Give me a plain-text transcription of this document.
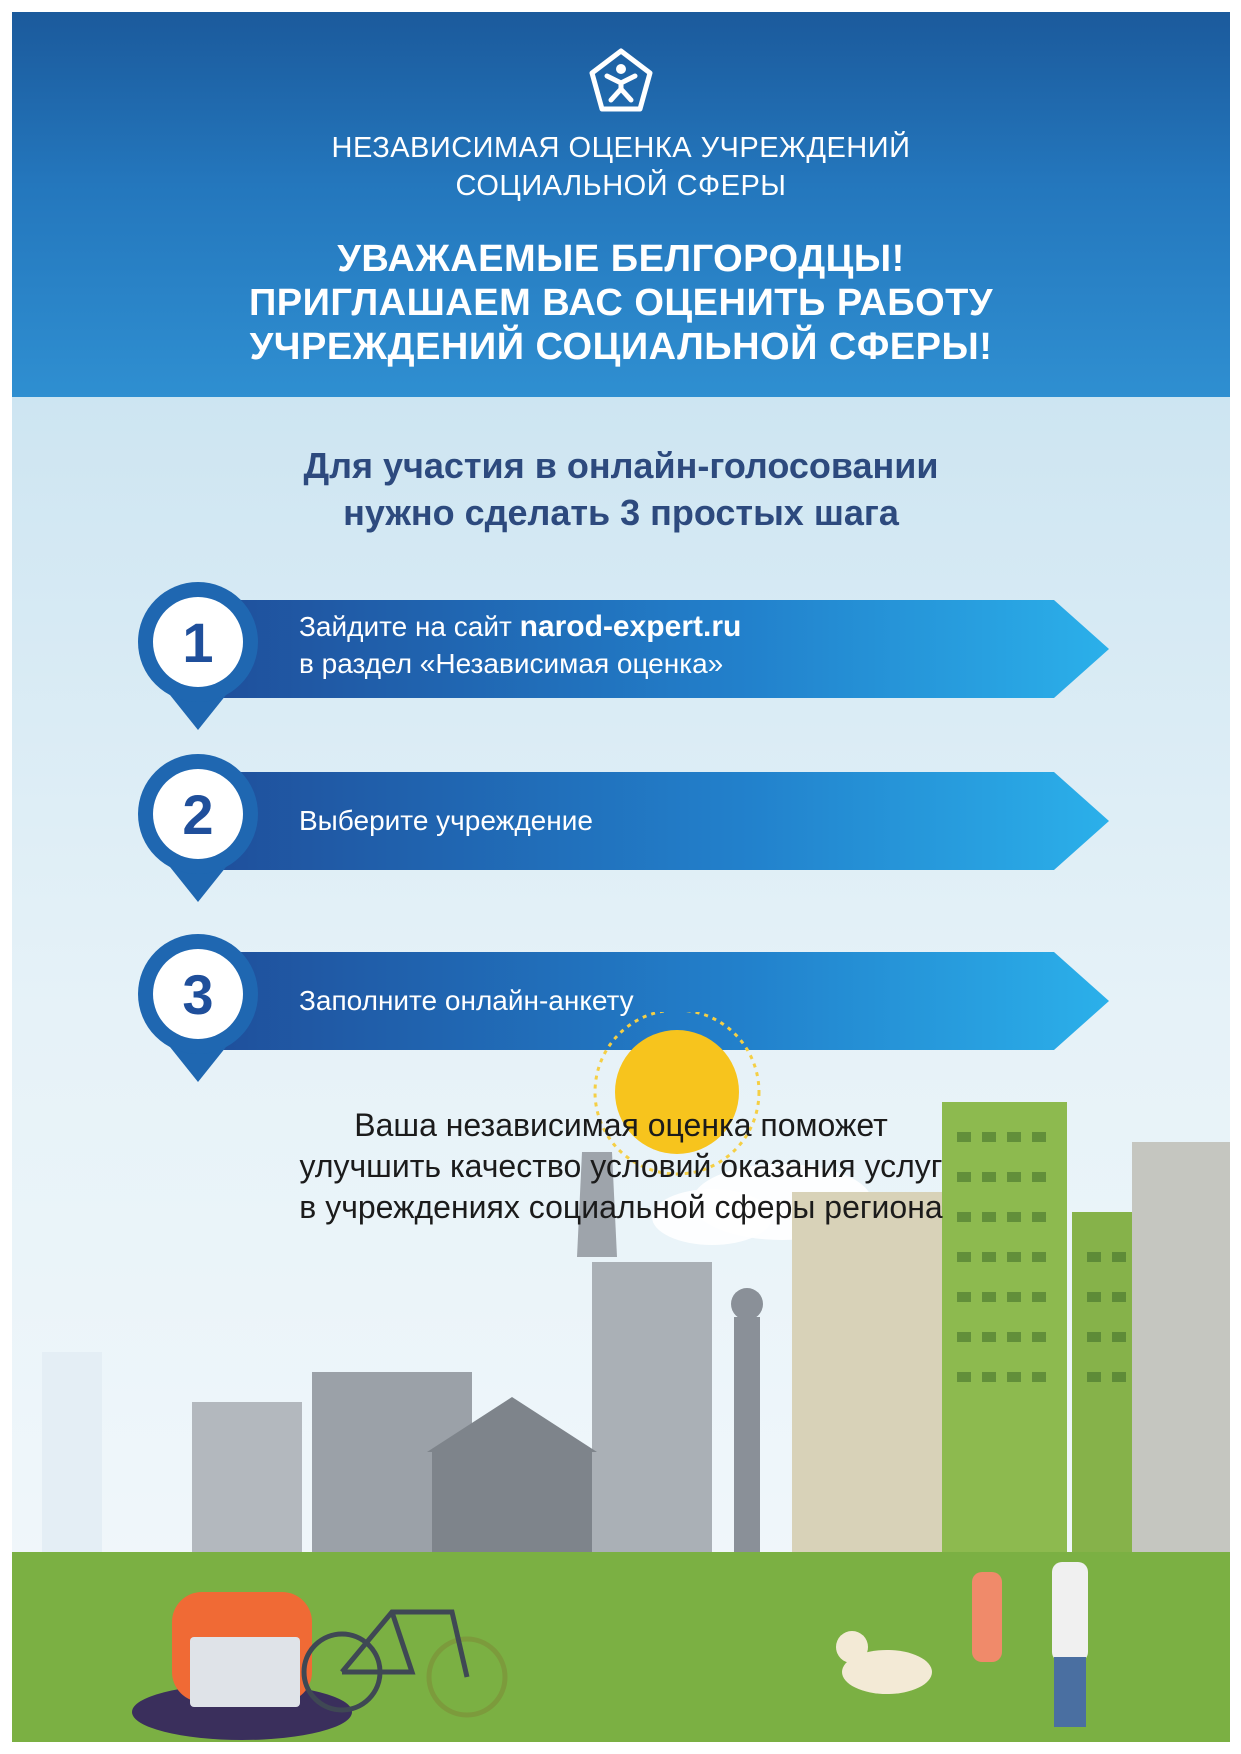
НЕЗАВИСИМАЯ ОЦЕНКА УЧРЕЖДЕНИЙ
СОЦИАЛЬНОЙ СФЕРЫ
УВАЖАЕМЫЕ БЕЛГОРОДЦЫ!
ПРИГЛАШАЕМ ВАС ОЦЕНИТЬ РАБОТУ
УЧРЕЖДЕНИЙ СОЦИАЛЬНОЙ СФЕРЫ!
Для участия в онлайн-голосовании
нужно сделать 3 простых шага
1	Зайдите на сайт narod-expert.ru
в раздел «Независимая оценка»
2	Выберите учреждение
3	Заполните онлайн-анкету
Ваша независимая оценка поможет
улучшить качество условий оказания услуг
в учреждениях социальной сферы региона
